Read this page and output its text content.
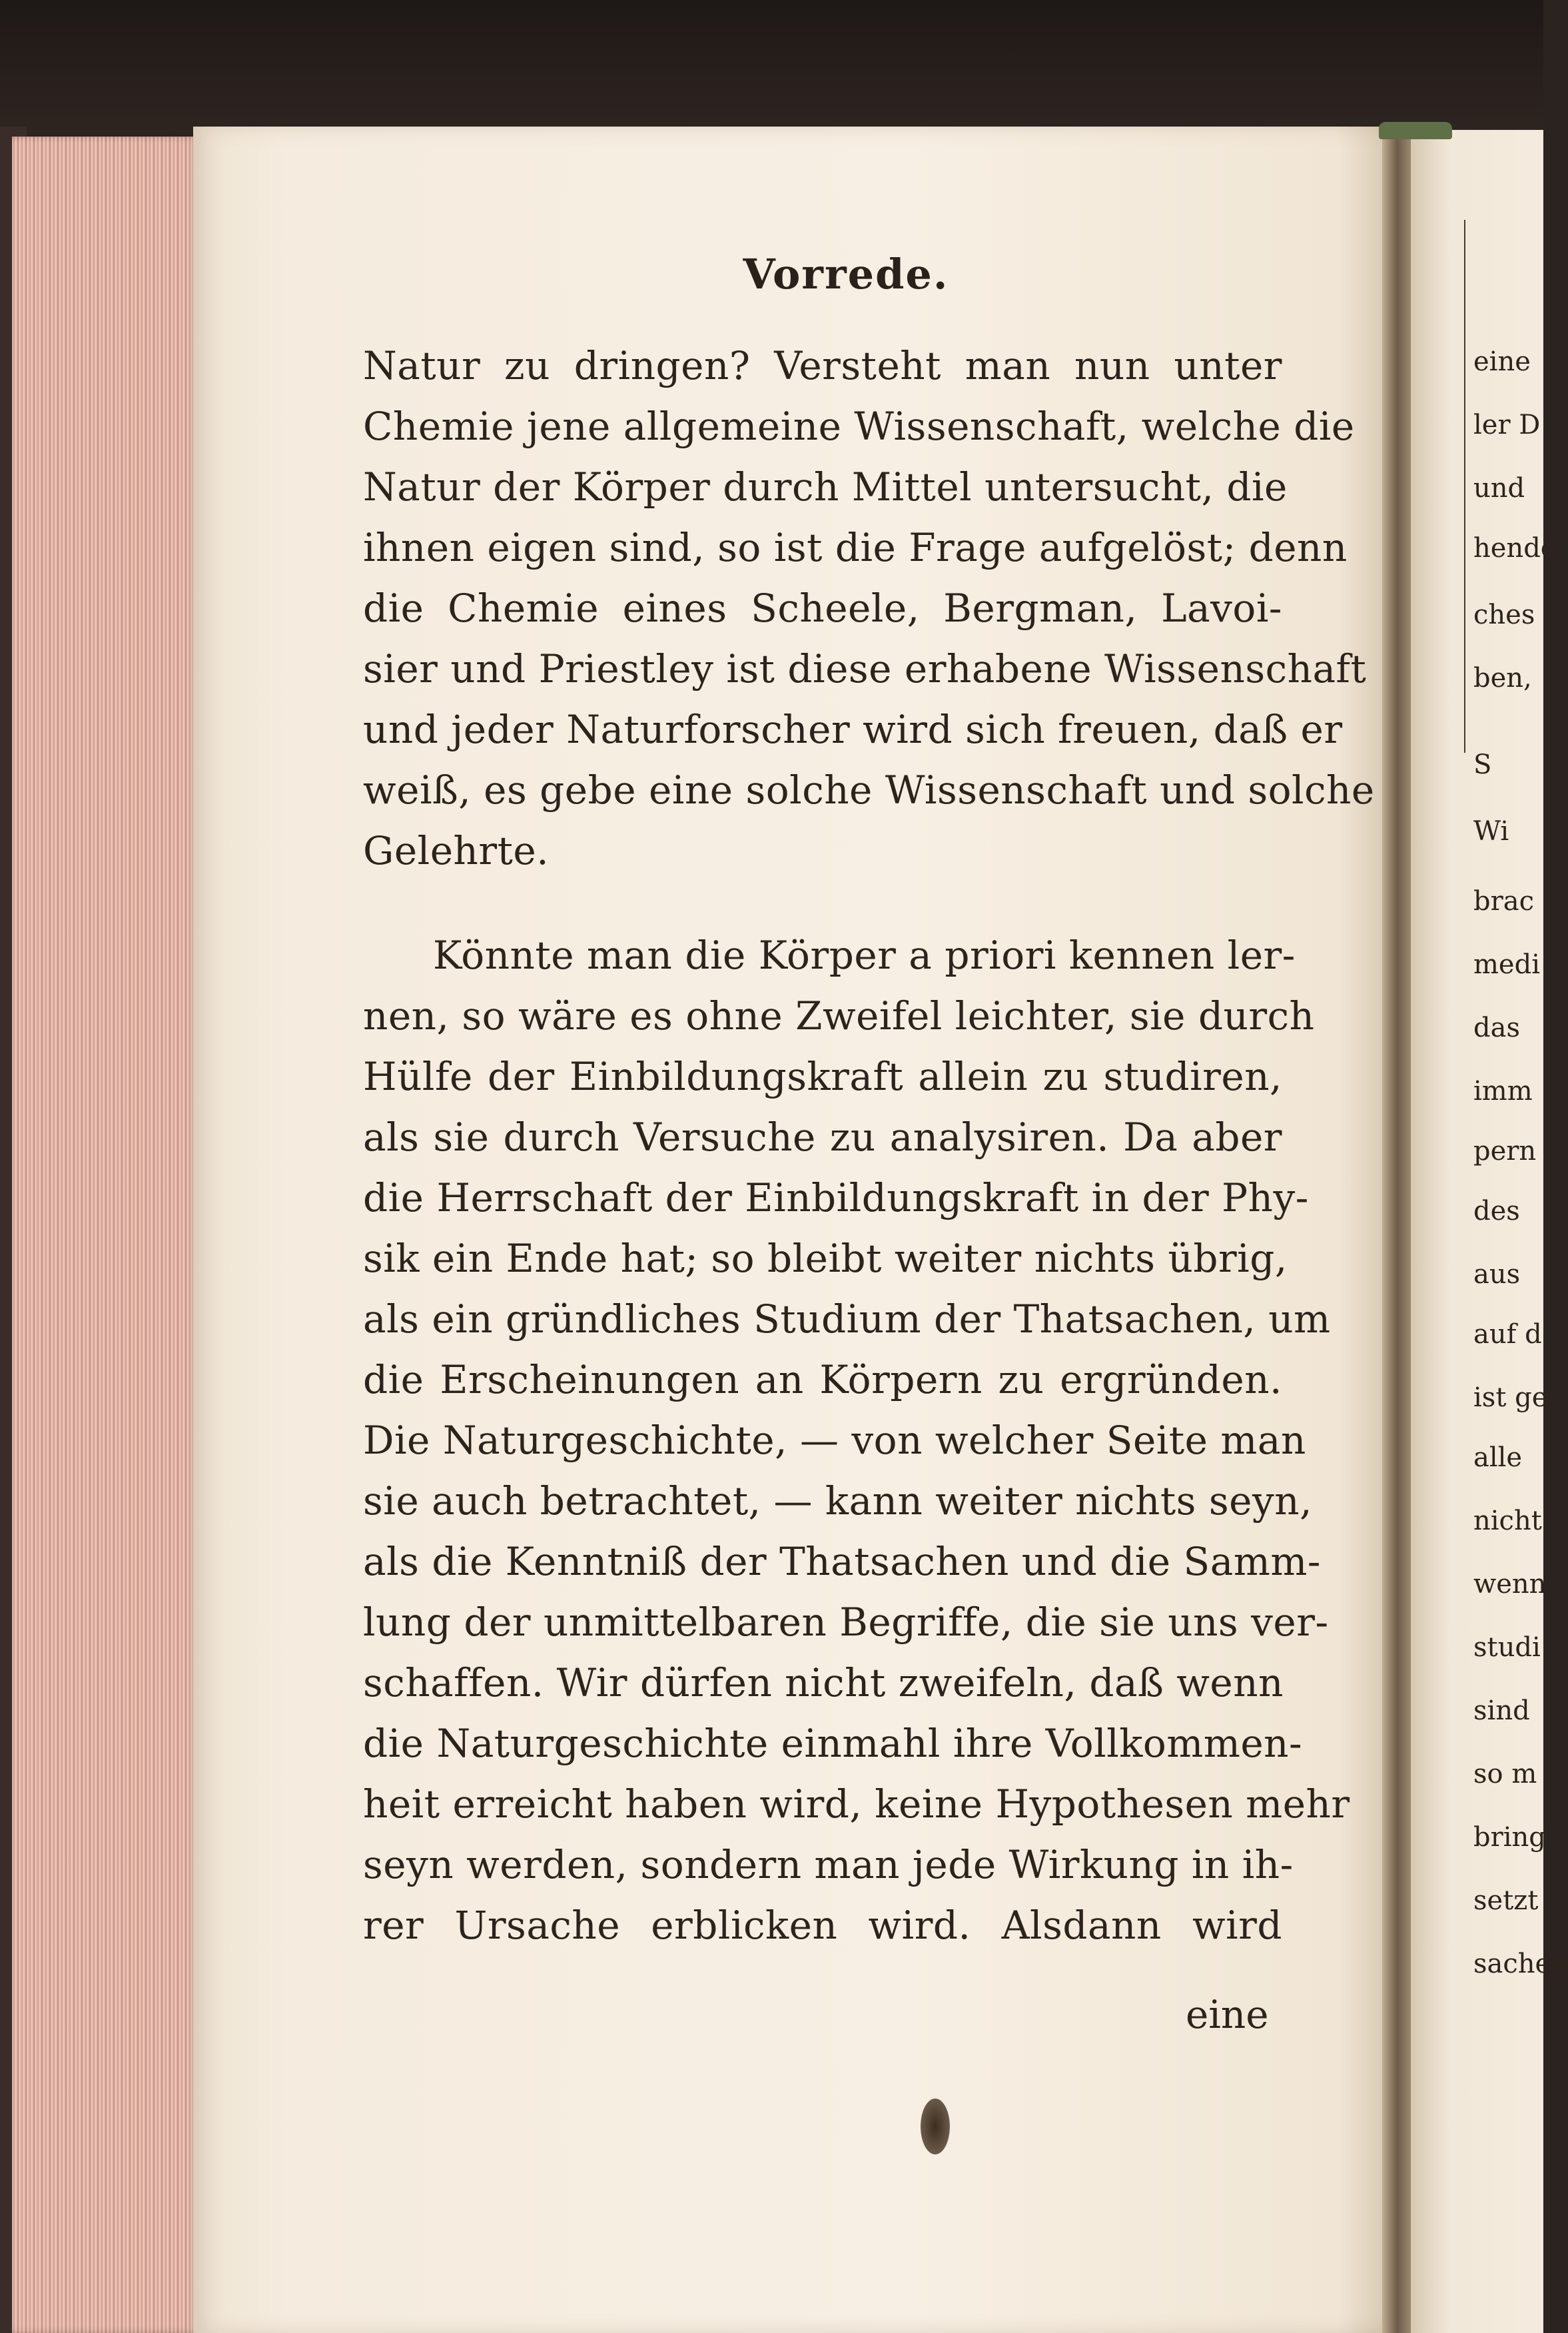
Vorrede.
Natur zu dringen? Versteht man nun unter
Chemie jene allgemeine Wissenschaft, welche die
Natur der Körper durch Mittel untersucht, die
ihnen eigen sind, so ist die Frage aufgelöst; denn
die Chemie eines Scheele, Bergman, Lavoi-
sier und Priestley ist diese erhabene Wissenschaft
und jeder Naturforscher wird sich freuen, daß er
weiß, es gebe eine solche Wissenschaft und solche
Gelehrte.
Könnte man die Körper a priori kennen ler-
nen, so wäre es ohne Zweifel leichter, sie durch
Hülfe der Einbildungskraft allein zu studiren,
als sie durch Versuche zu analysiren. Da aber
die Herrschaft der Einbildungskraft in der Phy-
sik ein Ende hat; so bleibt weiter nichts übrig,
als ein gründliches Studium der Thatsachen, um
die Erscheinungen an Körpern zu ergründen.
Die Naturgeschichte, — von welcher Seite man
sie auch betrachtet, — kann weiter nichts seyn,
als die Kenntniß der Thatsachen und die Samm-
lung der unmittelbaren Begriffe, die sie uns ver-
schaffen. Wir dürfen nicht zweifeln, daß wenn
die Naturgeschichte einmahl ihre Vollkommen-
heit erreicht haben wird, keine Hypothesen mehr
seyn werden, sondern man jede Wirkung in ih-
rer Ursache erblicken wird. Alsdann wird
eine
eine
ler D
und
hende
ches
ben,
S
Wi
brac
medi
das
imm
pern
des
aus
auf d
ist ge
alle
nicht
wenn
studi
sind
so m
bring
setzt
sachen
